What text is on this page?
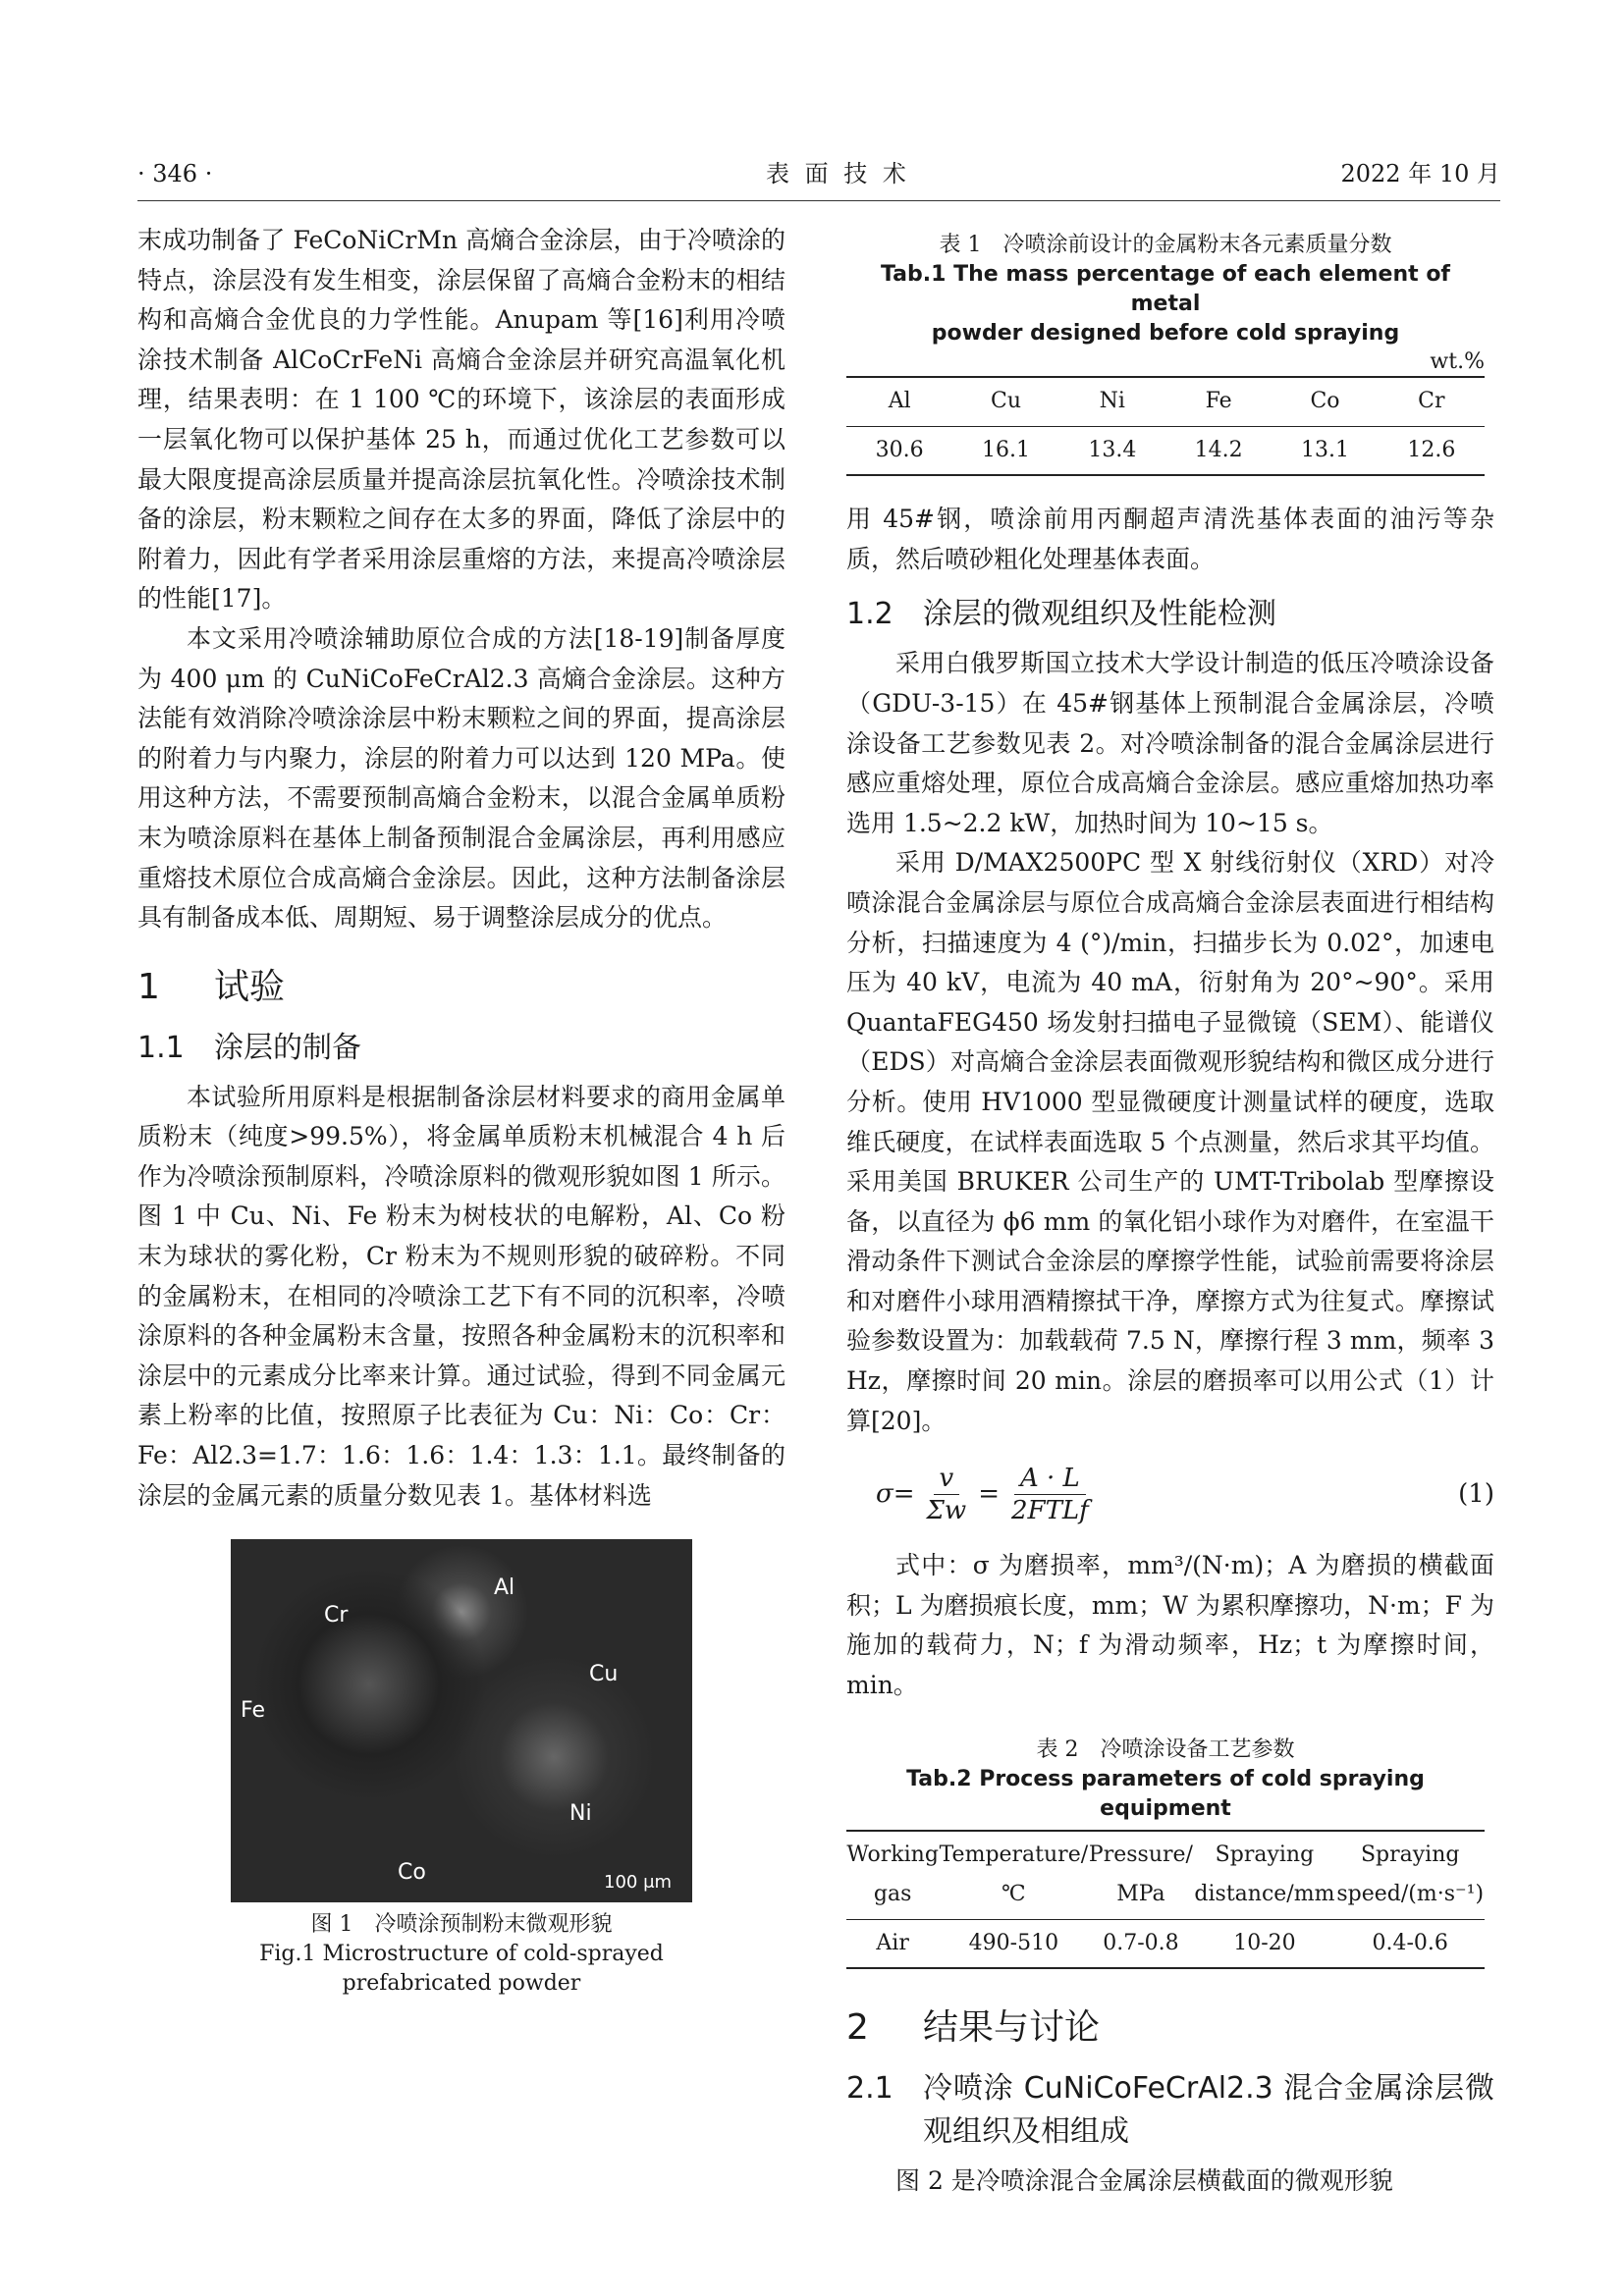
· 346 ·	表 面 技 术	2022 年 10 月

末成功制备了 FeCoNiCrMn 高熵合金涂层，由于冷喷涂的特点，涂层没有发生相变，涂层保留了高熵合金粉末的相结构和高熵合金优良的力学性能。Anupam 等[16]利用冷喷涂技术制备 AlCoCrFeNi 高熵合金涂层并研究高温氧化机理，结果表明：在 1 100 ℃的环境下，该涂层的表面形成一层氧化物可以保护基体 25 h，而通过优化工艺参数可以最大限度提高涂层质量并提高涂层抗氧化性。冷喷涂技术制备的涂层，粉末颗粒之间存在太多的界面，降低了涂层中的附着力，因此有学者采用涂层重熔的方法，来提高冷喷涂层的性能[17]。

本文采用冷喷涂辅助原位合成的方法[18-19]制备厚度为 400 μm 的 CuNiCoFeCrAl2.3 高熵合金涂层。这种方法能有效消除冷喷涂涂层中粉末颗粒之间的界面，提高涂层的附着力与内聚力，涂层的附着力可以达到 120 MPa。使用这种方法，不需要预制高熵合金粉末，以混合金属单质粉末为喷涂原料在基体上制备预制混合金属涂层，再利用感应重熔技术原位合成高熵合金涂层。因此，这种方法制备涂层具有制备成本低、周期短、易于调整涂层成分的优点。

1 试验
1.1 涂层的制备

本试验所用原料是根据制备涂层材料要求的商用金属单质粉末（纯度>99.5%），将金属单质粉末机械混合 4 h 后作为冷喷涂预制原料，冷喷涂原料的微观形貌如图 1 所示。图 1 中 Cu、Ni、Fe 粉末为树枝状的电解粉，Al、Co 粉末为球状的雾化粉，Cr 粉末为不规则形貌的破碎粉。不同的金属粉末，在相同的冷喷涂工艺下有不同的沉积率，冷喷涂原料的各种金属粉末含量，按照各种金属粉末的沉积率和涂层中的元素成分比率来计算。通过试验，得到不同金属元素上粉率的比值，按照原子比表征为 Cu：Ni：Co：Cr：Fe：Al2.3=1.7：1.6：1.6：1.4：1.3：1.1。最终制备的涂层的金属元素的质量分数见表 1。基体材料选

Al
Cr
Cu
Fe
Ni
Co	100 μm
图 1　冷喷涂预制粉末微观形貌
Fig.1 Microstructure of cold-sprayed
prefabricated powder
表 1　冷喷涂前设计的金属粉末各元素质量分数
Tab.1 The mass percentage of each element of metal
powder designed before cold spraying
wt.%
Al	Cu	Ni	Fe	Co	Cr
30.6	16.1	13.4	14.2	13.1	12.6

用 45#钢，喷涂前用丙酮超声清洗基体表面的油污等杂质，然后喷砂粗化处理基体表面。

1.2 涂层的微观组织及性能检测

采用白俄罗斯国立技术大学设计制造的低压冷喷涂设备（GDU-3-15）在 45#钢基体上预制混合金属涂层，冷喷涂设备工艺参数见表 2。对冷喷涂制备的混合金属涂层进行感应重熔处理，原位合成高熵合金涂层。感应重熔加热功率选用 1.5~2.2 kW，加热时间为 10~15 s。

采用 D/MAX2500PC 型 X 射线衍射仪（XRD）对冷喷涂混合金属涂层与原位合成高熵合金涂层表面进行相结构分析，扫描速度为 4 (°)/min，扫描步长为 0.02°，加速电压为 40 kV，电流为 40 mA，衍射角为 20°~90°。采用 QuantaFEG450 场发射扫描电子显微镜（SEM）、能谱仪（EDS）对高熵合金涂层表面微观形貌结构和微区成分进行分析。使用 HV1000 型显微硬度计测量试样的硬度，选取维氏硬度，在试样表面选取 5 个点测量，然后求其平均值。采用美国 BRUKER 公司生产的 UMT-Tribolab 型摩擦设备，以直径为 ϕ6 mm 的氧化铝小球作为对磨件，在室温干滑动条件下测试合金涂层的摩擦学性能，试验前需要将涂层和对磨件小球用酒精擦拭干净，摩擦方式为往复式。摩擦试验参数设置为：加载载荷 7.5 N，摩擦行程 3 mm，频率 3 Hz，摩擦时间 20 min。涂层的磨损率可以用公式（1）计算[20]。

$\sigma= \frac{v}{\Sigma w} = \frac{A \cdot L}{\text{2FTLf}}$	(1)

式中：σ 为磨损率，mm³/(N·m)；A 为磨损的横截面积；L 为磨损痕长度，mm；W 为累积摩擦功，N·m；F 为施加的载荷力，N；f 为滑动频率，Hz；t 为摩擦时间，min。

表 2　冷喷涂设备工艺参数
Tab.2 Process parameters of cold spraying equipment
Working gas	Temperature/ ℃	Pressure/ MPa	Spraying distance/mm	Spraying speed/(m·s⁻¹)
Air	490-510	0.7-0.8	10-20	0.4-0.6
2 结果与讨论
2.1	冷喷涂 CuNiCoFeCrAl2.3 混合金属涂层微观组织及相组成

图 2 是冷喷涂混合金属涂层横截面的微观形貌
